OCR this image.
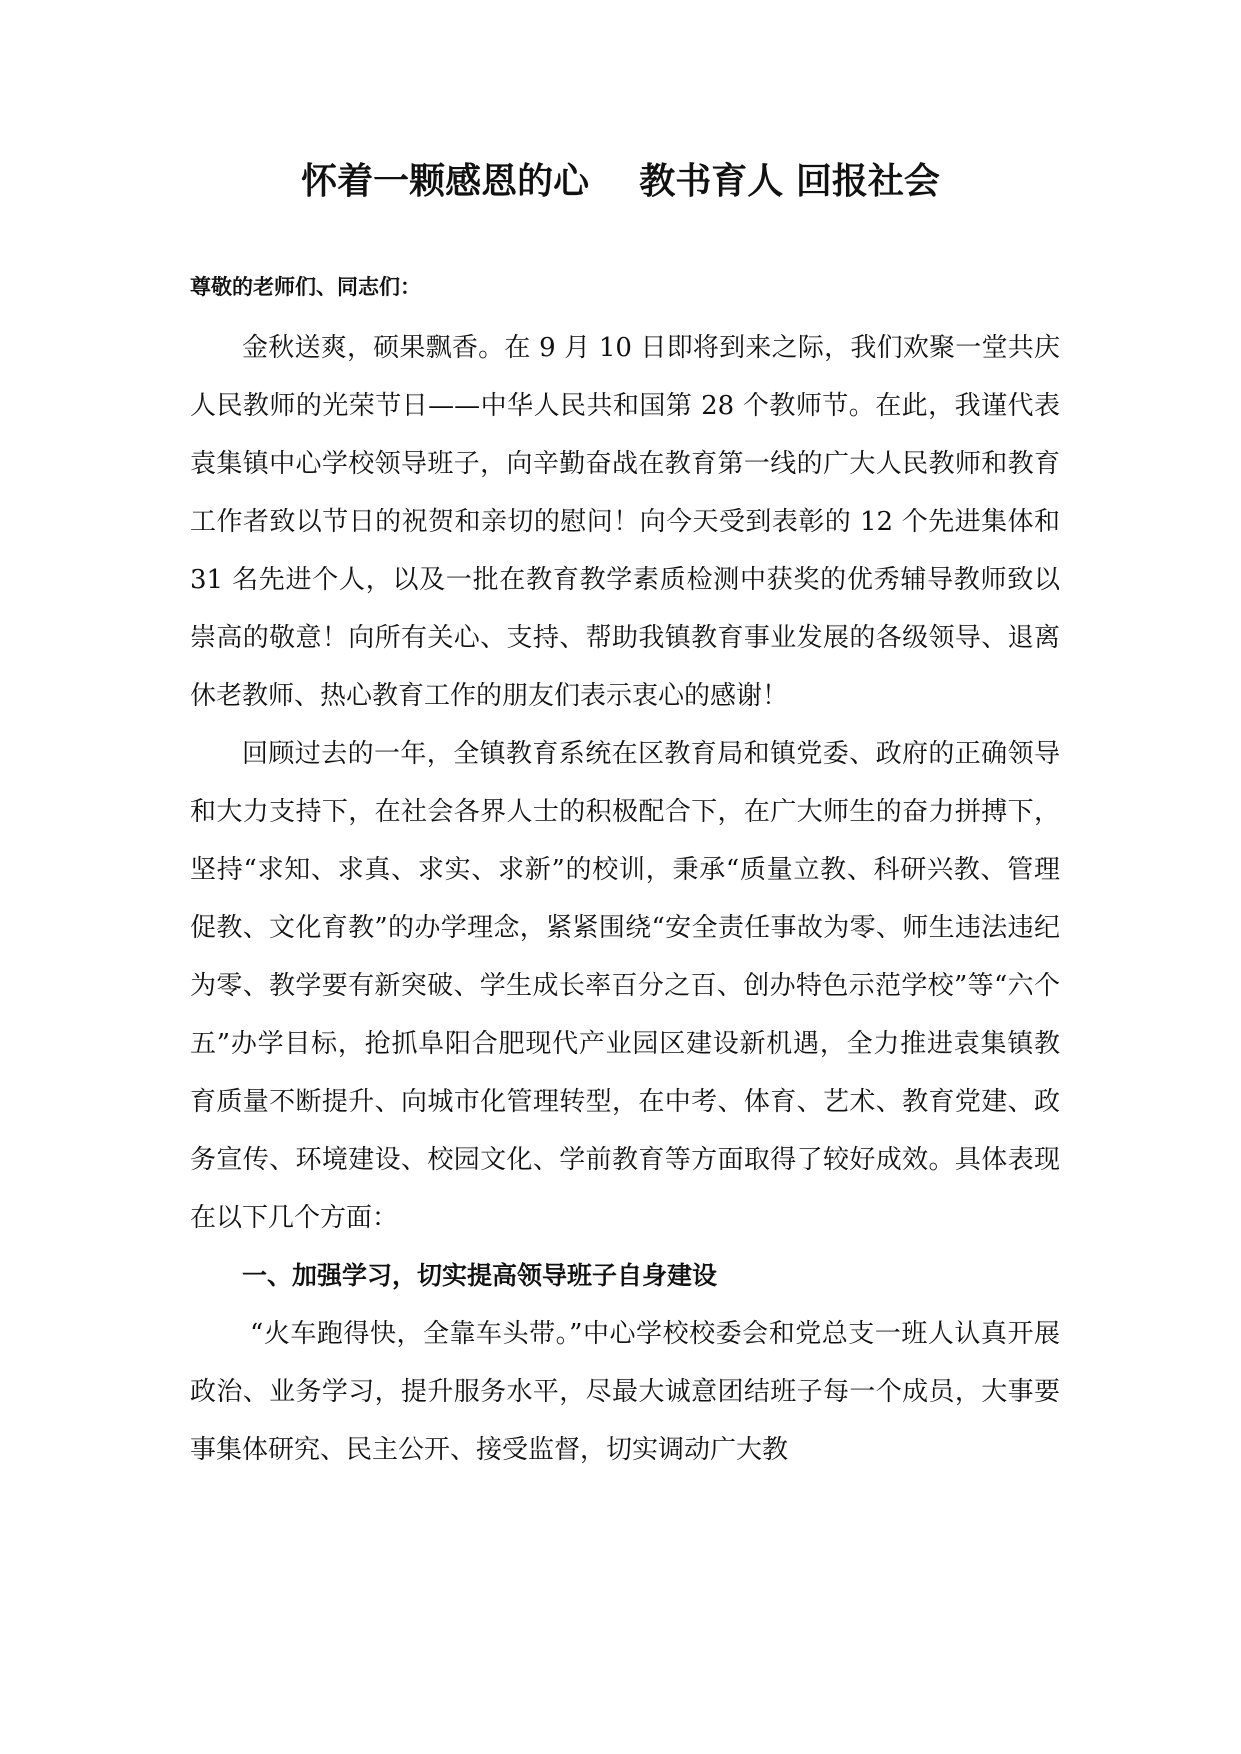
怀着一颗感恩的心    教书育人 回报社会
尊敬的老师们、同志们：

金秋送爽，硕果飘香。在 9 月 10 日即将到来之际，我们欢聚一堂共庆人民教师的光荣节日——中华人民共和国第 28 个教师节。在此，我谨代表袁集镇中心学校领导班子，向辛勤奋战在教育第一线的广大人民教师和教育工作者致以节日的祝贺和亲切的慰问！向今天受到表彰的 12 个先进集体和 31 名先进个人，以及一批在教育教学素质检测中获奖的优秀辅导教师致以崇高的敬意！向所有关心、支持、帮助我镇教育事业发展的各级领导、退离休老教师、热心教育工作的朋友们表示衷心的感谢！

回顾过去的一年，全镇教育系统在区教育局和镇党委、政府的正确领导和大力支持下，在社会各界人士的积极配合下，在广大师生的奋力拼搏下，坚持“求知、求真、求实、求新”的校训，秉承“质量立教、科研兴教、管理促教、文化育教”的办学理念，紧紧围绕“安全责任事故为零、师生违法违纪为零、教学要有新突破、学生成长率百分之百、创办特色示范学校”等“六个五”办学目标，抢抓阜阳合肥现代产业园区建设新机遇，全力推进袁集镇教育质量不断提升、向城市化管理转型，在中考、体育、艺术、教育党建、政务宣传、环境建设、校园文化、学前教育等方面取得了较好成效。具体表现在以下几个方面：

一、加强学习，切实提高领导班子自身建设

“火车跑得快，全靠车头带。”中心学校校委会和党总支一班人认真开展政治、业务学习，提升服务水平，尽最大诚意团结班子每一个成员，大事要事集体研究、民主公开、接受监督，切实调动广大教
